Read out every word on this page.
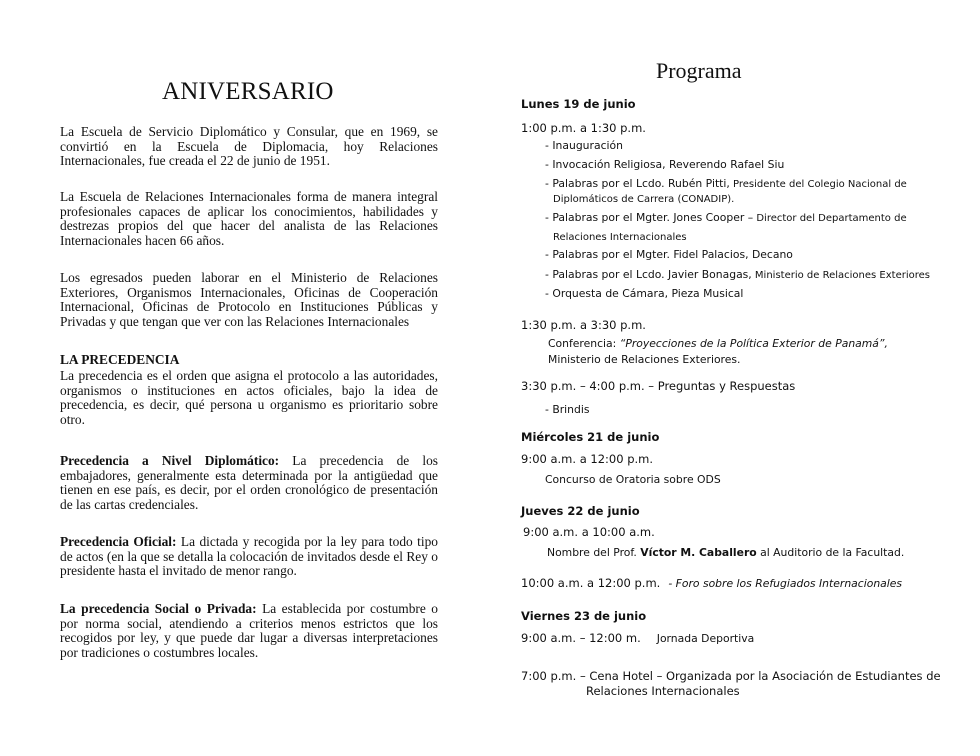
ANIVERSARIO

La Escuela de Servicio Diplomático y Consular, que en 1969, se convirtió en la Escuela de Diplomacia, hoy Relaciones Internacionales, fue creada el 22 de junio de 1951.

La Escuela de Relaciones Internacionales forma de manera integral profesionales capaces de aplicar los conocimientos, habilidades y destrezas propios del que hacer del analista de las Relaciones Internacionales hacen 66 años.

Los egresados pueden laborar en el Ministerio de Relaciones Exteriores, Organismos Internacionales, Oficinas de Cooperación Internacional, Oficinas de Protocolo en Instituciones Públicas y Privadas y que tengan que ver con las Relaciones Internacionales

LA PRECEDENCIA

La precedencia es el orden que asigna el protocolo a las autoridades, organismos o instituciones en actos oficiales, bajo la idea de precedencia, es decir, qué persona u organismo es prioritario sobre otro.

Precedencia a Nivel Diplomático: La precedencia de los embajadores, generalmente esta determinada por la antigüedad que tienen en ese país, es decir, por el orden cronológico de presentación de las cartas credenciales.

Precedencia Oficial: La dictada y recogida por la ley para todo tipo de actos (en la que se detalla la colocación de invitados desde el Rey o presidente hasta el invitado de menor rango.

La precedencia Social o Privada: La establecida por costumbre o por norma social, atendiendo a criterios menos estrictos que los recogidos por ley, y que puede dar lugar a diversas interpretaciones por tradiciones o costumbres locales.

Programa
Lunes 19 de junio
1:00 p.m. a 1:30 p.m.
- Inauguración
- Invocación Religiosa, Reverendo Rafael Siu
- Palabras por el Lcdo. Rubén Pitti, Presidente del Colegio Nacional de
Diplomáticos de Carrera (CONADIP).
- Palabras por el Mgter. Jones Cooper – Director del Departamento de
Relaciones Internacionales
- Palabras por el Mgter. Fidel Palacios, Decano
- Palabras por el Lcdo. Javier Bonagas, Ministerio de Relaciones Exteriores
- Orquesta de Cámara, Pieza Musical
1:30 p.m. a 3:30 p.m.
Conferencia: “Proyecciones de la Política Exterior de Panamá”,
Ministerio de Relaciones Exteriores.
3:30 p.m. – 4:00 p.m. – Preguntas y Respuestas
- Brindis
Miércoles 21 de junio
9:00 a.m. a 12:00 p.m.
Concurso de Oratoria sobre ODS
Jueves 22 de junio
9:00 a.m. a 10:00 a.m.
Nombre del Prof. Víctor M. Caballero al Auditorio de la Facultad.
10:00 a.m. a 12:00 p.m. - Foro sobre los Refugiados Internacionales
Viernes 23 de junio
9:00 a.m. – 12:00 m. Jornada Deportiva
7:00 p.m. – Cena Hotel – Organizada por la Asociación de Estudiantes de
Relaciones Internacionales
